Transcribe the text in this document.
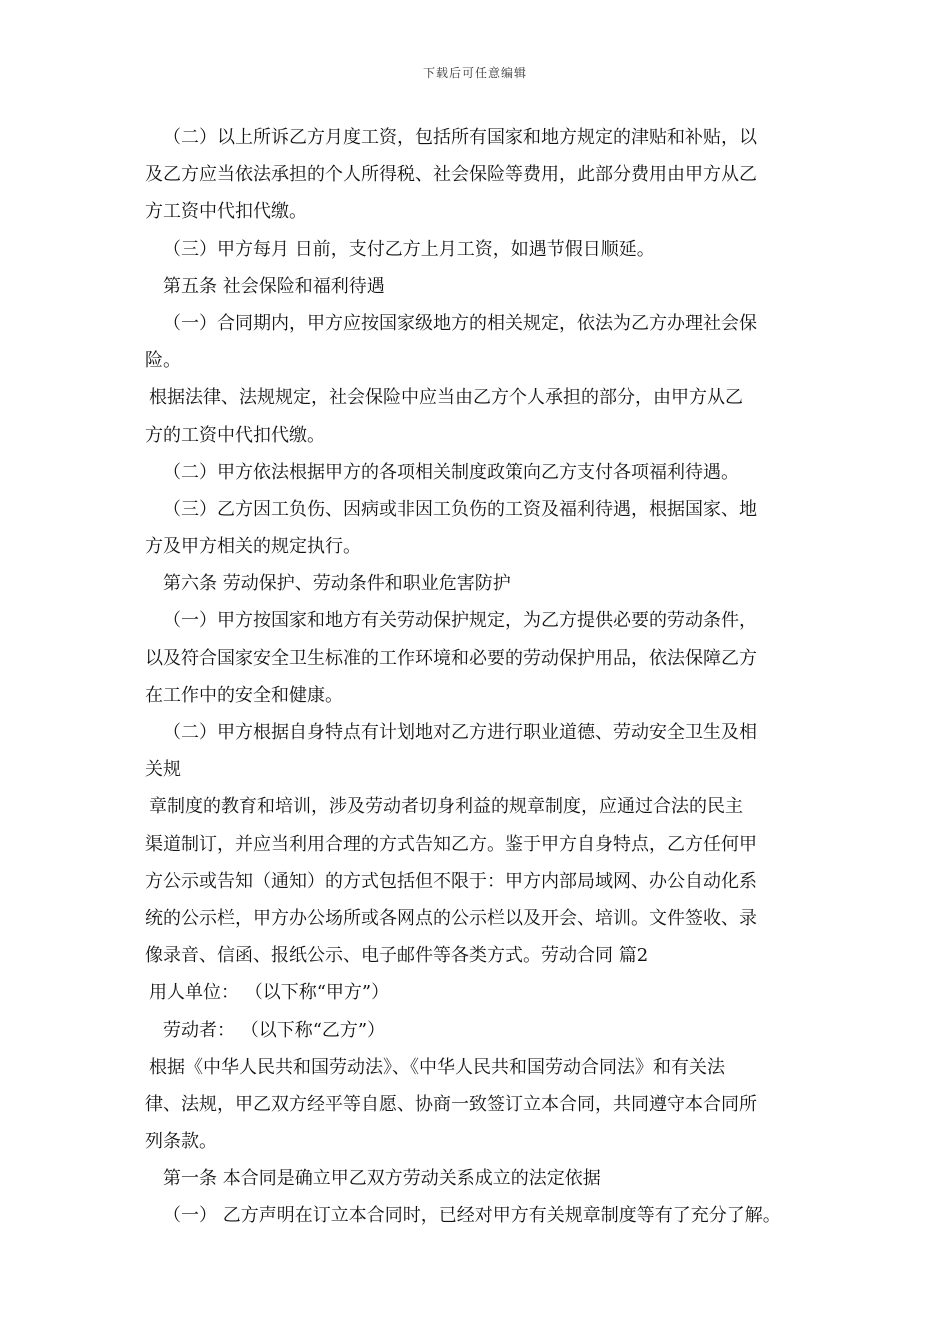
下载后可任意编辑
（二）以上所诉乙方月度工资，包括所有国家和地方规定的津贴和补贴，以
及乙方应当依法承担的个人所得税、社会保险等费用，此部分费用由甲方从乙
方工资中代扣代缴。
（三）甲方每月 日前，支付乙方上月工资，如遇节假日顺延。
第五条 社会保险和福利待遇
（一）合同期内，甲方应按国家级地方的相关规定，依法为乙方办理社会保
险。
根据法律、法规规定，社会保险中应当由乙方个人承担的部分，由甲方从乙
方的工资中代扣代缴。
（二）甲方依法根据甲方的各项相关制度政策向乙方支付各项福利待遇。
（三）乙方因工负伤、因病或非因工负伤的工资及福利待遇，根据国家、地
方及甲方相关的规定执行。
第六条 劳动保护、劳动条件和职业危害防护
（一）甲方按国家和地方有关劳动保护规定，为乙方提供必要的劳动条件，
以及符合国家安全卫生标准的工作环境和必要的劳动保护用品，依法保障乙方
在工作中的安全和健康。
（二）甲方根据自身特点有计划地对乙方进行职业道德、劳动安全卫生及相
关规
章制度的教育和培训，涉及劳动者切身利益的规章制度，应通过合法的民主
渠道制订，并应当利用合理的方式告知乙方。鉴于甲方自身特点，乙方任何甲
方公示或告知（通知）的方式包括但不限于：甲方内部局域网、办公自动化系
统的公示栏，甲方办公场所或各网点的公示栏以及开会、培训。文件签收、录
像录音、信函、报纸公示、电子邮件等各类方式。劳动合同 篇2
用人单位： （以下称“甲方”）
劳动者： （以下称“乙方”）
根据《中华人民共和国劳动法》、《中华人民共和国劳动合同法》和有关法
律、法规，甲乙双方经平等自愿、协商一致签订立本合同，共同遵守本合同所
列条款。
第一条 本合同是确立甲乙双方劳动关系成立的法定依据
（一） 乙方声明在订立本合同时，已经对甲方有关规章制度等有了充分了解。
